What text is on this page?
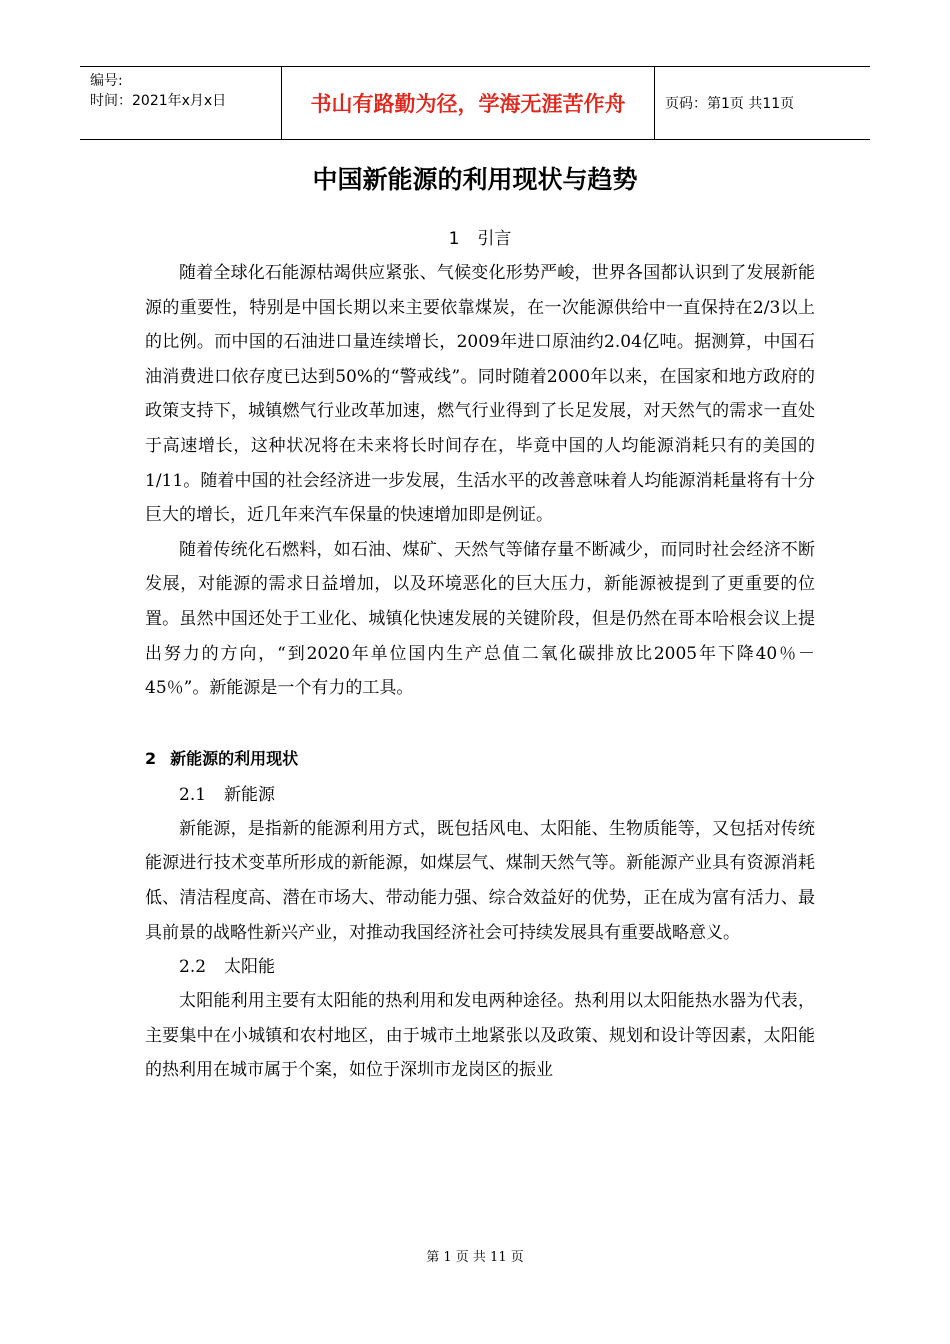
编号:
时间：2021年x月x日	书山有路勤为径，学海无涯苦作舟	页码：第1页 共11页
中国新能源的利用现状与趋势
1 引言

随着全球化石能源枯竭供应紧张、气候变化形势严峻，世界各国都认识到了发展新能源的重要性，特别是中国长期以来主要依靠煤炭，在一次能源供给中一直保持在2/3以上的比例。而中国的石油进口量连续增长，2009年进口原油约2.04亿吨。据测算，中国石油消费进口依存度已达到50%的“警戒线”。同时随着2000年以来，在国家和地方政府的政策支持下，城镇燃气行业改革加速，燃气行业得到了长足发展，对天然气的需求一直处于高速增长，这种状况将在未来将长时间存在，毕竟中国的人均能源消耗只有的美国的1/11。随着中国的社会经济进一步发展，生活水平的改善意味着人均能源消耗量将有十分巨大的增长，近几年来汽车保量的快速增加即是例证。

随着传统化石燃料，如石油、煤矿、天然气等储存量不断减少，而同时社会经济不断发展，对能源的需求日益增加，以及环境恶化的巨大压力，新能源被提到了更重要的位置。虽然中国还处于工业化、城镇化快速发展的关键阶段，但是仍然在哥本哈根会议上提出努力的方向，“到2020年单位国内生产总值二氧化碳排放比2005年下降40％－45％”。新能源是一个有力的工具。

2 新能源的利用现状
2.1 新能源

新能源，是指新的能源利用方式，既包括风电、太阳能、生物质能等，又包括对传统能源进行技术变革所形成的新能源，如煤层气、煤制天然气等。新能源产业具有资源消耗低、清洁程度高、潜在市场大、带动能力强、综合效益好的优势，正在成为富有活力、最具前景的战略性新兴产业，对推动我国经济社会可持续发展具有重要战略意义。

2.2 太阳能

太阳能利用主要有太阳能的热利用和发电两种途径。热利用以太阳能热水器为代表，主要集中在小城镇和农村地区，由于城市土地紧张以及政策、规划和设计等因素，太阳能的热利用在城市属于个案，如位于深圳市龙岗区的振业

第 1 页 共 11 页
